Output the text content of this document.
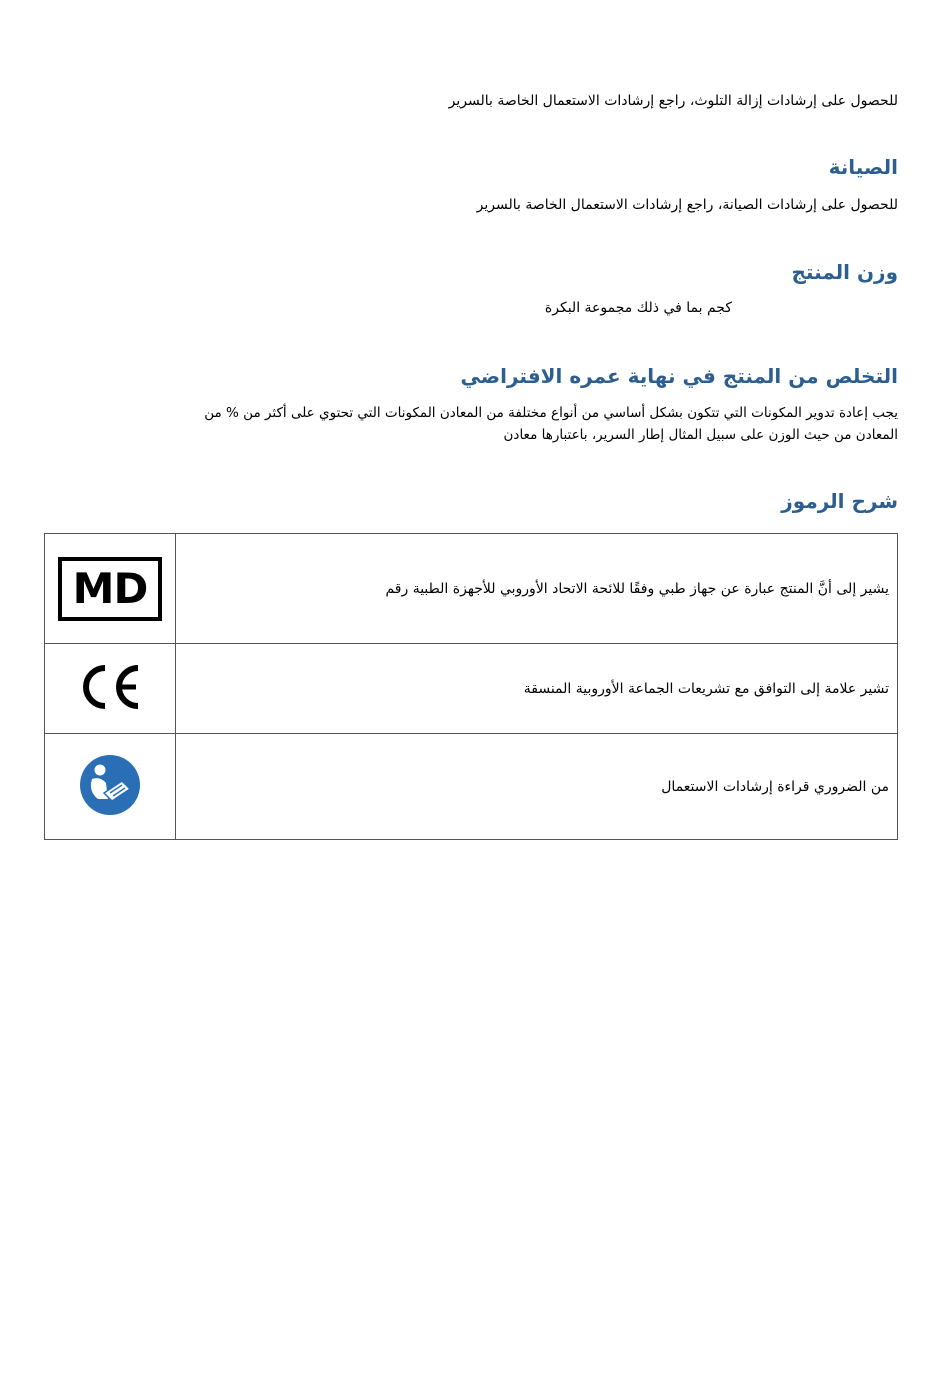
للحصول على إرشادات إزالة التلوث، راجع إرشادات الاستعمال الخاصة بالسرير
الصيانة
للحصول على إرشادات الصيانة، راجع إرشادات الاستعمال الخاصة بالسرير
وزن المنتج
كجم بما في ذلك مجموعة البكرة
التخلص من المنتج في نهاية عمره الافتراضي
يجب إعادة تدوير المكونات التي تتكون بشكل أساسي من أنواع مختلفة من المعادن المكونات التي تحتوي على أكثر من % من
المعادن من حيث الوزن على سبيل المثال إطار السرير، باعتبارها معادن
شرح الرموز
MD	يشير إلى أنَّ المنتج عبارة عن جهاز طبي وفقًا للائحة الاتحاد الأوروبي للأجهزة الطبية رقم
	تشير علامة إلى التوافق مع تشريعات الجماعة الأوروبية المنسقة
	من الضروري قراءة إرشادات الاستعمال
